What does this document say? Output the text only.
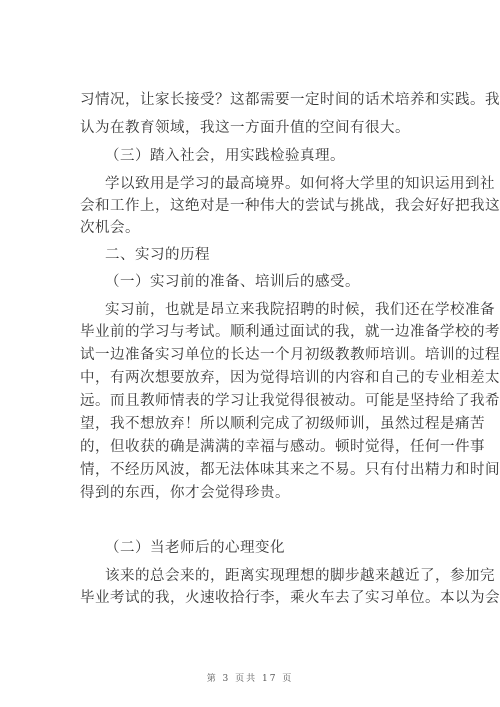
习情况，让家长接受？这都需要一定时间的话术培养和实践。我
认为在教育领域，我这一方面升值的空间有很大。
（三）踏入社会，用实践检验真理。
学以致用是学习的最高境界。如何将大学里的知识运用到社
会和工作上，这绝对是一种伟大的尝试与挑战，我会好好把我这
次机会。
二、实习的历程
（一）实习前的准备、培训后的感受。
实习前，也就是昂立来我院招聘的时候，我们还在学校准备
毕业前的学习与考试。顺利通过面试的我，就一边准备学校的考
试一边准备实习单位的长达一个月初级教教师培训。培训的过程
中，有两次想要放弃，因为觉得培训的内容和自己的专业相差太
远。而且教师情表的学习让我觉得很被动。可能是坚持给了我希
望，我不想放弃！所以顺利完成了初级师训，虽然过程是痛苦
的，但收获的确是满满的幸福与感动。顿时觉得，任何一件事
情，不经历风波，都无法体味其来之不易。只有付出精力和时间
得到的东西，你才会觉得珍贵。
（二）当老师后的心理变化
该来的总会来的，距离实现理想的脚步越来越近了，参加完
毕业考试的我，火速收拾行李，乘火车去了实习单位。本以为会
第 3 页共 17 页
